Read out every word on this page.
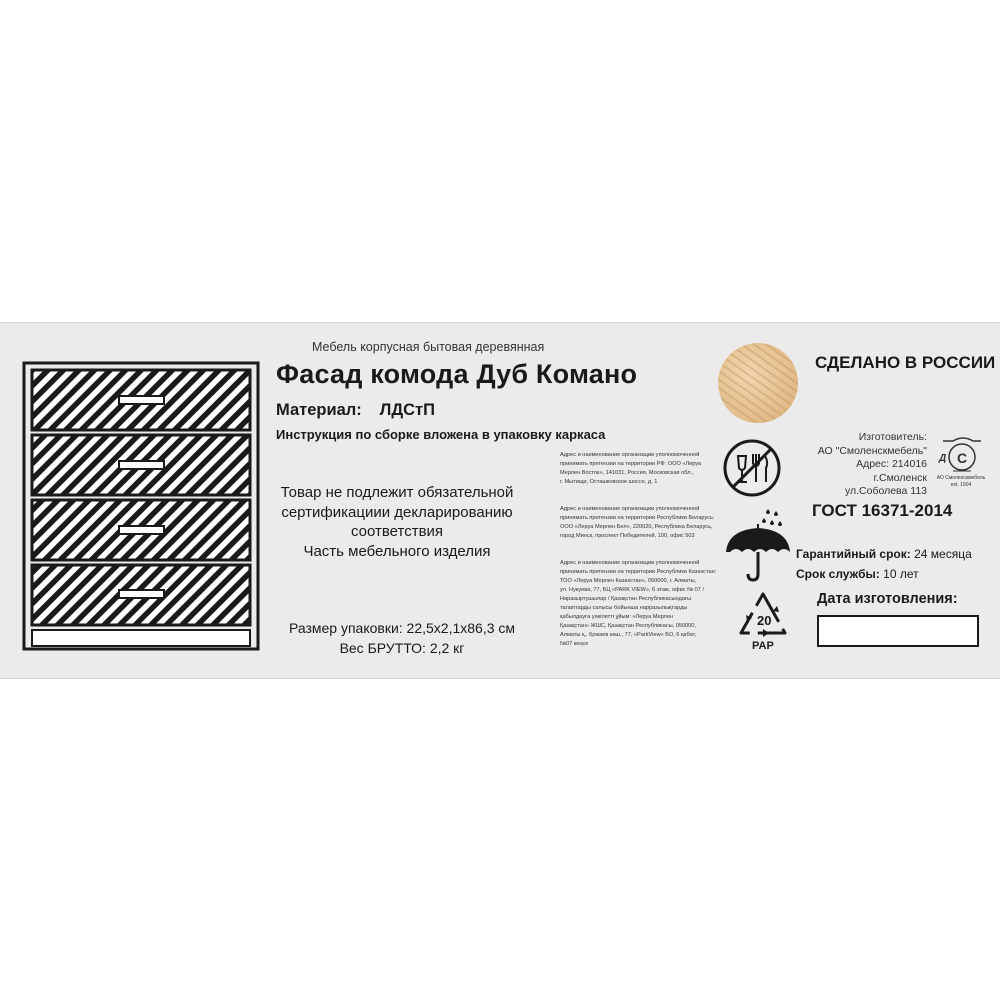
Мебель корпусная бытовая деревянная
Фасад комода Дуб Комано
Материал: ЛДСтП
Инструкция по сборке вложена в упаковку каркаса
Товар не подлежит обязательной
сертификациии декларированию
соответствия
Часть мебельного изделия
Размер упаковки: 22,5х2,1х86,3 см
Вес БРУТТО: 2,2 кг
Адрес и наименование организации уполномоченной
принимать претензии на территории РФ: ООО «Леруа
Мерлен Восток», 141031, Россия, Московская обл.,
г. Мытищи, Осташковское шоссе, д. 1
Адрес и наименование организации уполномоченной
принимать претензии на территории Республики Беларусь:
ООО «Леруа Мерлен Бел», 220020, Республика Беларусь,
город Минск, проспект Победителей, 100, офис 503
Адрес и наименование организации уполномоченной
принимать претензии на территории Республики Казахстан:
ТОО «Леруа Мерлен Казахстан», 050000, г. Алматы,
ул. Нукуева, 77, БЦ «PARK VIEW», 6 этаж, офис № 07 /
Наразыртушылар / Қазақстан Республикасындағы
талаптарды салысы бойынша нарразылықтарды
қабылдауға уәкілетті ұйым: «Леруа Мерлен
Қазақстан» ЖШС, Қазақстан Республикасы, 050000,
Алматы қ., Қожаев көш., 77, «ParkView» БО, 6 қабат,
№07 кеңсе
СДЕЛАНО В РОССИИ
Изготовитель:
АО "Смоленскмебель"
Адрес: 214016 г.Смоленск
ул.Соболева 113
С
Д
АО Смоленскмебель
est. 1904
20
PAP
ГОСТ 16371-2014
Гарантийный срок: 24 месяца
Срок службы: 10 лет
Дата изготовления:
